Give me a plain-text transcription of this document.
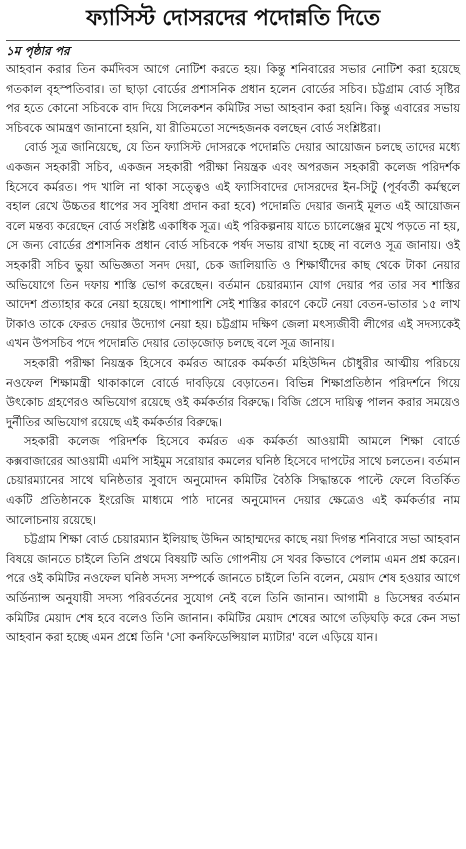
ফ্যাসিস্ট দোসরদের পদোন্নতি দিতে
১ম পৃষ্ঠার পর

আহবান করার তিন কর্মদিবস আগে নোটিশ করতে হয়। কিন্তু শনিবারের সভার নোটিশ করা হয়েছে গতকাল বৃহস্পতিবার। তা ছাড়া বোর্ডের প্রশাসনিক প্রধান হলেন বোর্ডের সচিব। চট্টগ্রাম বোর্ড সৃষ্টির পর হতে কোনো সচিবকে বাদ দিয়ে সিলেকশন কমিটির সভা আহবান করা হয়নি। কিন্তু এবারের সভায় সচিবকে আমন্ত্রণ জানানো হয়নি, যা রীতিমতো সন্দেহজনক বলছেন বোর্ড সংশ্লিষ্টরা।

বোর্ড সূত্র জানিয়েছে, যে তিন ফ্যাসিস্ট দোসরকে পদোন্নতি দেয়ার আয়োজন চলছে তাদের মধ্যে একজন সহকারী সচিব, একজন সহকারী পরীক্ষা নিয়ন্ত্রক এবং অপরজন সহকারী কলেজ পরিদর্শক হিসেবে কর্মরত। পদ খালি না থাকা সত্ত্বেও এই ফ্যাসিবাদের দোসরদের ইন-সিটু (পূর্ববর্তী কর্মস্থলে বহাল রেখে উচ্চতর ধাপের সব সুবিধা প্রদান করা হবে) পদোন্নতি দেয়ার জন্যই মূলত এই আয়োজন বলে মন্তব্য করেছেন বোর্ড সংশ্লিষ্ট একাধিক সূত্র। এই পরিকল্পনায় যাতে চ্যালেঞ্জের মুখে পড়তে না হয়, সে জন্য বোর্ডের প্রশাসনিক প্রধান বোর্ড সচিবকে পর্ষদ সভায় রাখা হচ্ছে না বলেও সূত্র জানায়। ওই সহকারী সচিব ভুয়া অভিজ্ঞতা সনদ দেয়া, চেক জালিয়াতি ও শিক্ষার্থীদের কাছ থেকে টাকা নেয়ার অভিযোগে তিন দফায় শাস্তি ভোগ করেছেন। বর্তমান চেয়ারম্যান যোগ দেয়ার পর তার সব শাস্তির আদেশ প্রত্যাহার করে নেয়া হয়েছে। পাশাপাশি সেই শাস্তির কারণে কেটে নেয়া বেতন-ভাতার ১৫ লাখ টাকাও তাকে ফেরত দেয়ার উদ্যোগ নেয়া হয়। চট্টগ্রাম দক্ষিণ জেলা মৎস্যজীবী লীগের এই সদস্যকেই এখন উপসচিব পদে পদোন্নতি দেয়ার তোড়জোড় চলছে বলে সূত্র জানায়।

সহকারী পরীক্ষা নিয়ন্ত্রক হিসেবে কর্মরত আরেক কর্মকর্তা মহিউদ্দিন চৌধুরীর আত্মীয় পরিচয়ে নওফেল শিক্ষামন্ত্রী থাকাকালে বোর্ডে দাবড়িয়ে বেড়াতেন। বিভিন্ন শিক্ষাপ্রতিষ্ঠান পরিদর্শনে গিয়ে উৎকোচ গ্রহণেরও অভিযোগ রয়েছে ওই কর্মকর্তার বিরুদ্ধে। বিজি প্রেসে দায়িত্ব পালন করার সময়েও দুর্নীতির অভিযোগ রয়েছে এই কর্মকর্তার বিরুদ্ধে।

সহকারী কলেজ পরিদর্শক হিসেবে কর্মরত এক কর্মকর্তা আওয়ামী আমলে শিক্ষা বোর্ডে কক্সবাজারের আওয়ামী এমপি সাইমুম সরোয়ার কমলের ঘনিষ্ঠ হিসেবে দাপটের সাথে চলতেন। বর্তমান চেয়ারম্যানের সাথে ঘনিষ্ঠতার সুবাদে অনুমোদন কমিটির বৈঠকি সিদ্ধান্তকে পাল্টে ফেলে বিতর্কিত একটি প্রতিষ্ঠানকে ইংরেজি মাধ্যমে পাঠ দানের অনুমোদন দেয়ার ক্ষেত্রেও এই কর্মকর্তার নাম আলোচনায় রয়েছে।

চট্টগ্রাম শিক্ষা বোর্ড চেয়ারম্যান ইলিয়াছ উদ্দিন আহাম্মদের কাছে নয়া দিগন্ত শনিবারে সভা আহবান বিষয়ে জানতে চাইলে তিনি প্রথমে বিষয়টি অতি গোপনীয় সে খবর কিভাবে পেলাম এমন প্রশ্ন করেন। পরে ওই কমিটির নওফেল ঘনিষ্ঠ সদস্য সম্পর্কে জানতে চাইলে তিনি বলেন, মেয়াদ শেষ হওয়ার আগে অর্ডিন্যান্স অনুযায়ী সদস্য পরিবর্তনের সুযোগ নেই বলে তিনি জানান। আগামী ৪ ডিসেম্বর বর্তমান কমিটির মেয়াদ শেষ হবে বলেও তিনি জানান। কমিটির মেয়াদ শেষের আগে তড়িঘড়ি করে কেন সভা আহবান করা হচ্ছে এমন প্রশ্নে তিনি 'সো কনফিডেন্সিয়াল ম্যাটার' বলে এড়িয়ে যান।
